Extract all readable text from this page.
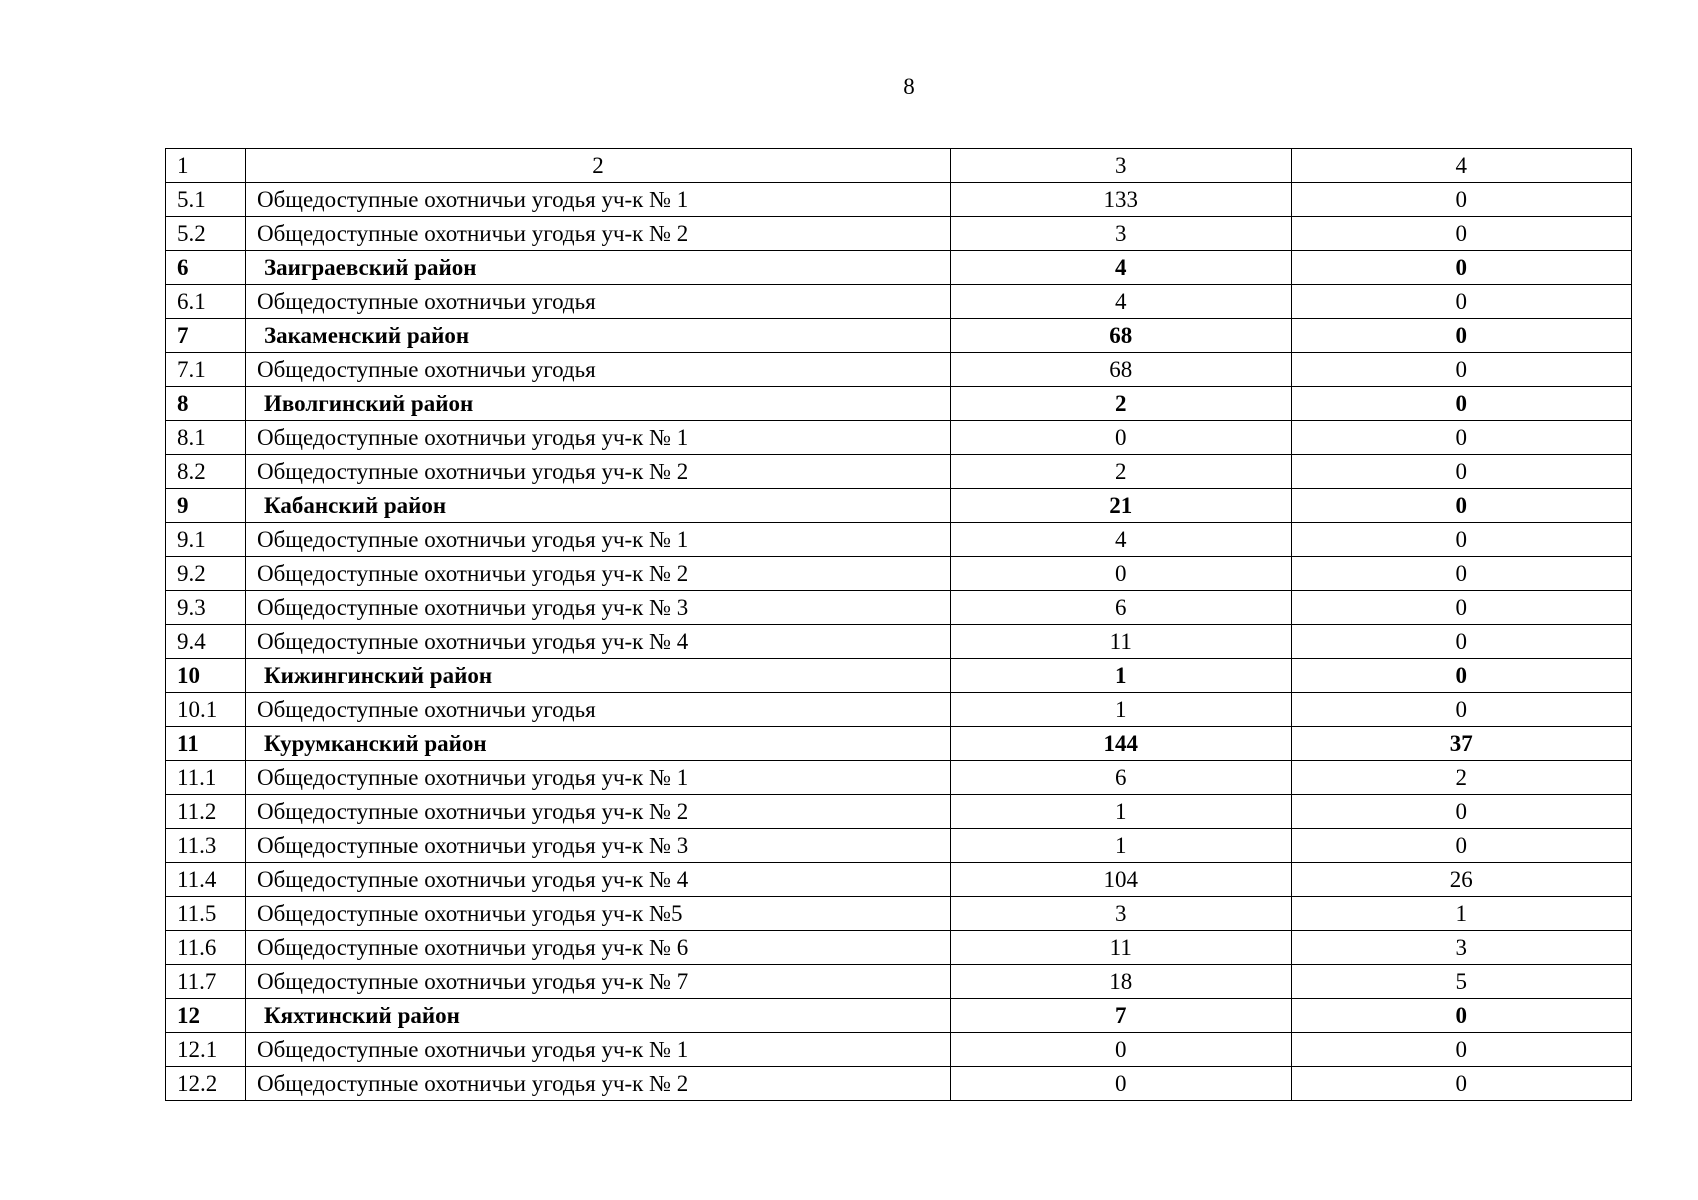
8
1	2	3	4
5.1	Общедоступные охотничьи угодья уч-к № 1	133	0
5.2	Общедоступные охотничьи угодья уч-к № 2	3	0
6	Заиграевский район	4	0
6.1	Общедоступные охотничьи угодья	4	0
7	Закаменский район	68	0
7.1	Общедоступные охотничьи угодья	68	0
8	Иволгинский район	2	0
8.1	Общедоступные охотничьи угодья уч-к № 1	0	0
8.2	Общедоступные охотничьи угодья уч-к № 2	2	0
9	Кабанский район	21	0
9.1	Общедоступные охотничьи угодья уч-к № 1	4	0
9.2	Общедоступные охотничьи угодья уч-к № 2	0	0
9.3	Общедоступные охотничьи угодья уч-к № 3	6	0
9.4	Общедоступные охотничьи угодья уч-к № 4	11	0
10	Кижингинский район	1	0
10.1	Общедоступные охотничьи угодья	1	0
11	Курумканский район	144	37
11.1	Общедоступные охотничьи угодья уч-к № 1	6	2
11.2	Общедоступные охотничьи угодья уч-к № 2	1	0
11.3	Общедоступные охотничьи угодья уч-к № 3	1	0
11.4	Общедоступные охотничьи угодья уч-к № 4	104	26
11.5	Общедоступные охотничьи угодья уч-к №5	3	1
11.6	Общедоступные охотничьи угодья уч-к № 6	11	3
11.7	Общедоступные охотничьи угодья уч-к № 7	18	5
12	Кяхтинский район	7	0
12.1	Общедоступные охотничьи угодья уч-к № 1	0	0
12.2	Общедоступные охотничьи угодья уч-к № 2	0	0
